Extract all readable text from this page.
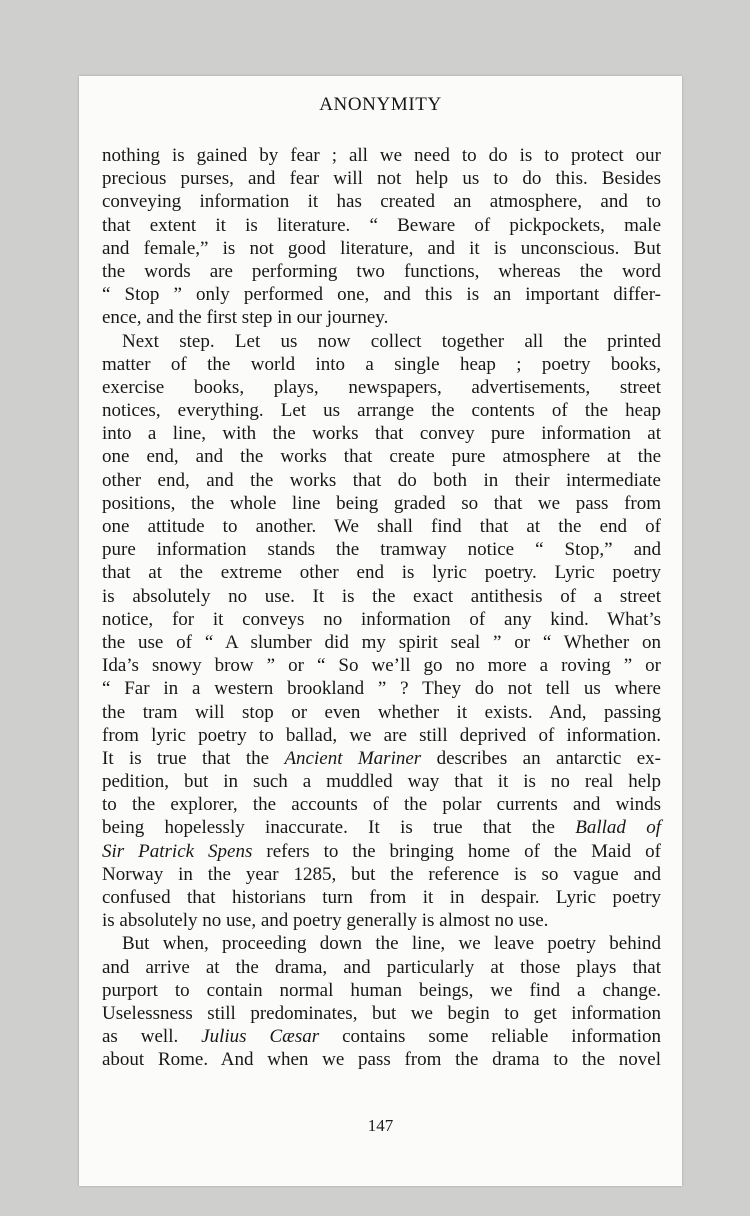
ANONYMITY
nothing is gained by fear ; all we need to do is to protect our
precious purses, and fear will not help us to do this. Besides
conveying information it has created an atmosphere, and to
that extent it is literature. “ Beware of pickpockets, male
and female,” is not good literature, and it is unconscious. But
the words are performing two functions, whereas the word
“ Stop ” only performed one, and this is an important differ-
ence, and the first step in our journey.
Next step. Let us now collect together all the printed
matter of the world into a single heap ; poetry books,
exercise books, plays, newspapers, advertisements, street
notices, everything. Let us arrange the contents of the heap
into a line, with the works that convey pure information at
one end, and the works that create pure atmosphere at the
other end, and the works that do both in their intermediate
positions, the whole line being graded so that we pass from
one attitude to another. We shall find that at the end of
pure information stands the tramway notice “ Stop,” and
that at the extreme other end is lyric poetry. Lyric poetry
is absolutely no use. It is the exact antithesis of a street
notice, for it conveys no information of any kind. What’s
the use of “ A slumber did my spirit seal ” or “ Whether on
Ida’s snowy brow ” or “ So we’ll go no more a roving ” or
“ Far in a western brookland ” ? They do not tell us where
the tram will stop or even whether it exists. And, passing
from lyric poetry to ballad, we are still deprived of information.
It is true that the Ancient Mariner describes an antarctic ex-
pedition, but in such a muddled way that it is no real help
to the explorer, the accounts of the polar currents and winds
being hopelessly inaccurate. It is true that the Ballad of
Sir Patrick Spens refers to the bringing home of the Maid of
Norway in the year 1285, but the reference is so vague and
confused that historians turn from it in despair. Lyric poetry
is absolutely no use, and poetry generally is almost no use.
But when, proceeding down the line, we leave poetry behind
and arrive at the drama, and particularly at those plays that
purport to contain normal human beings, we find a change.
Uselessness still predominates, but we begin to get information
as well. Julius Cæsar contains some reliable information
about Rome. And when we pass from the drama to the novel
147
